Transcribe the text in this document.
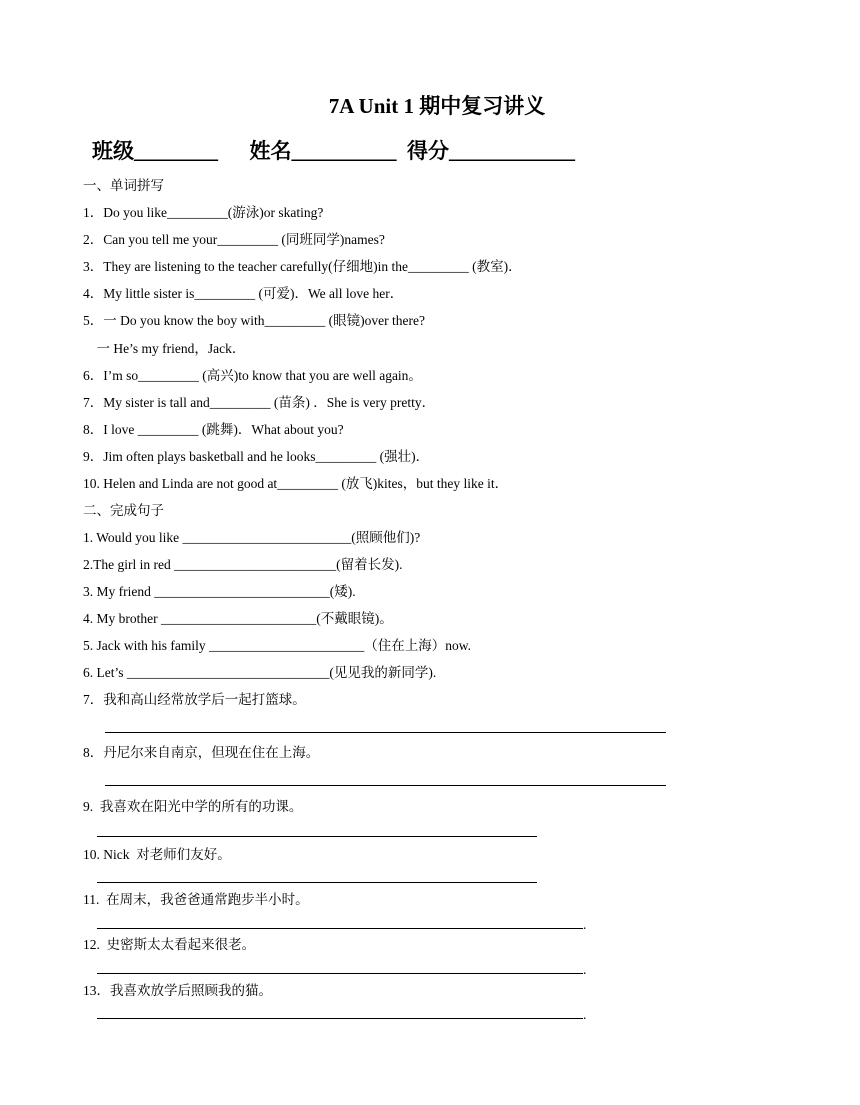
7A Unit 1 期中复习讲义
班级________ 姓名__________ 得分____________
一、单词拼写
1．Do you like_________(游泳)or skating?
2．Can you tell me your_________ (同班同学)names?
3．They are listening to the teacher carefully(仔细地)in the_________ (教室)．
4．My little sister is_________ (可爱)．We all love her．
5．一 Do you know the boy with_________ (眼镜)over there?
一 He’s my friend，Jack．
6．I’m so_________ (高兴)to know that you are well again。
7．My sister is tall and_________ (苗条) ．She is very pretty．
8．I love _________ (跳舞)．What about you?
9．Jim often plays basketball and he looks_________ (强壮)．
10. Helen and Linda are not good at_________ (放飞)kites，but they like it．
二、完成句子
1. Would you like _________________________(照顾他们)?
2.The girl in red ________________________(留着长发).
3. My friend __________________________(矮).
4. My brother _______________________(不戴眼镜)。
5. Jack with his family _______________________（住在上海）now.
6. Let’s ______________________________(见见我的新同学).
7．我和高山经常放学后一起打篮球。
8．丹尼尔来自南京，但现在住在上海。
9.  我喜欢在阳光中学的所有的功课。
10. Nick  对老师们友好。
11.  在周末，我爸爸通常跑步半小时。
.
12.  史密斯太太看起来很老。
.
13．我喜欢放学后照顾我的猫。
.
